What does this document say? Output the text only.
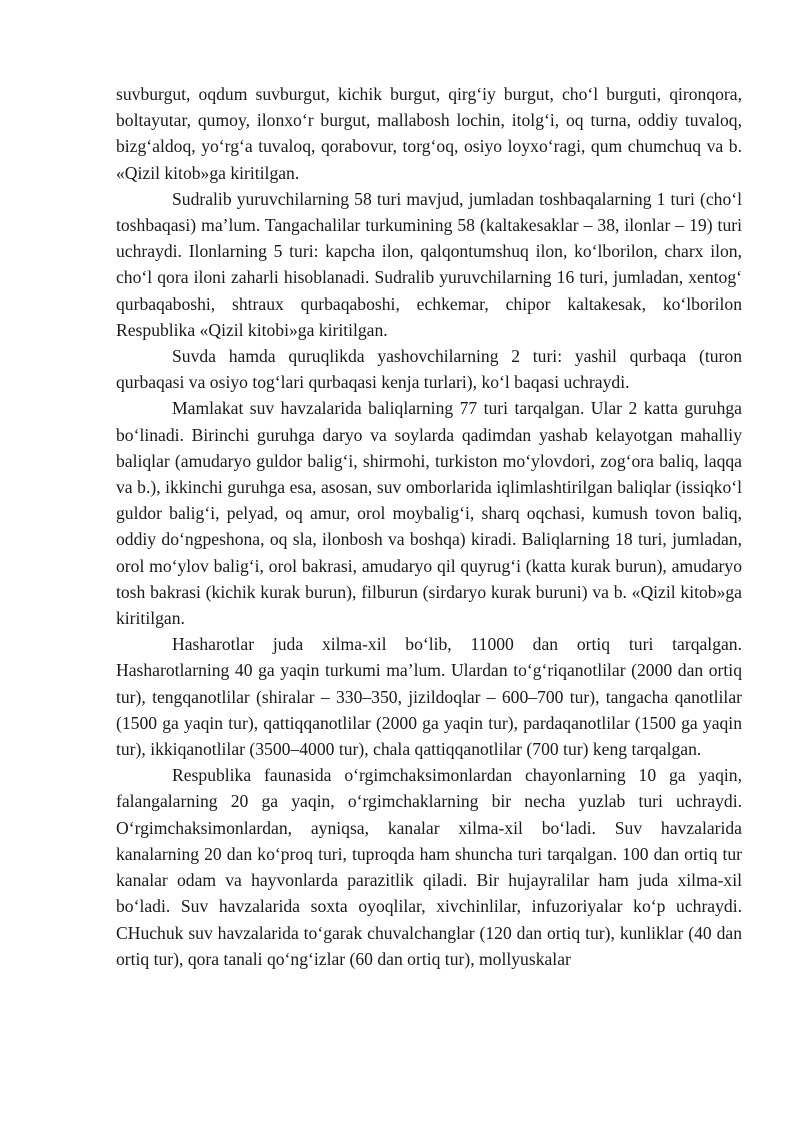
suvburgut, oqdum suvburgut, kichik burgut, qirg‘iy burgut, cho‘l burguti, qironqora, boltayutar, qumoy, ilonxo‘r burgut, mallabosh lochin, itolg‘i, oq turna, oddiy tuvaloq, bizg‘aldoq, yo‘rg‘a tuvaloq, qorabovur, torg‘oq, osiyo loyxo‘ragi, qum chumchuq va b. «Qizil kitob»ga kiritilgan.

Sudralib yuruvchilarning 58 turi mavjud, jumladan toshbaqalarning 1 turi (cho‘l toshbaqasi) ma’lum. Tangachalilar turkumining 58 (kaltakesaklar – 38, ilonlar – 19) turi uchraydi. Ilonlarning 5 turi: kapcha ilon, qalqontumshuq ilon, ko‘lborilon, charx ilon, cho‘l qora iloni zaharli hisoblanadi. Sudralib yuruvchilarning 16 turi, jumladan, xentog‘ qurbaqaboshi, shtraux qurbaqaboshi, echkemar, chipor kaltakesak, ko‘lborilon Respublika «Qizil kitobi»ga kiritilgan.

Suvda hamda quruqlikda yashovchilarning 2 turi: yashil qurbaqa (turon qurbaqasi va osiyo tog‘lari qurbaqasi kenja turlari), ko‘l baqasi uchraydi.

Mamlakat suv havzalarida baliqlarning 77 turi tarqalgan. Ular 2 katta guruhga bo‘linadi. Birinchi guruhga daryo va soylarda qadimdan yashab kelayotgan mahalliy baliqlar (amudaryo guldor balig‘i, shirmohi, turkiston mo‘ylovdori, zog‘ora baliq, laqqa va b.), ikkinchi guruhga esa, asosan, suv omborlarida iqlimlashtirilgan baliqlar (issiqko‘l guldor balig‘i, pelyad, oq amur, orol moybalig‘i, sharq oqchasi, kumush tovon baliq, oddiy do‘ngpeshona, oq sla, ilonbosh va boshqa) kiradi. Baliqlarning 18 turi, jumladan, orol mo‘ylov balig‘i, orol bakrasi, amudaryo qil quyrug‘i (katta kurak burun), amudaryo tosh bakrasi (kichik kurak burun), filburun (sirdaryo kurak buruni) va b. «Qizil kitob»ga kiritilgan.

Hasharotlar juda xilma-xil bo‘lib, 11000 dan ortiq turi tarqalgan. Hasharotlarning 40 ga yaqin turkumi ma’lum. Ulardan to‘g‘riqanotlilar (2000 dan ortiq tur), tengqanotlilar (shiralar – 330–350, jizildoqlar – 600–700 tur), tangacha qanotlilar (1500 ga yaqin tur), qattiqqanotlilar (2000 ga yaqin tur), pardaqanotlilar (1500 ga yaqin tur), ikkiqanotlilar (3500–4000 tur), chala qattiqqanotlilar (700 tur) keng tarqalgan.

Respublika faunasida o‘rgimchaksimonlardan chayonlarning 10 ga yaqin, falangalarning 20 ga yaqin, o‘rgimchaklarning bir necha yuzlab turi uchraydi. O‘rgimchaksimonlardan, ayniqsa, kanalar xilma-xil bo‘ladi. Suv havzalarida kanalarning 20 dan ko‘proq turi, tuproqda ham shuncha turi tarqalgan. 100 dan ortiq tur kanalar odam va hayvonlarda parazitlik qiladi. Bir hujayralilar ham juda xilma-xil bo‘ladi. Suv havzalarida soxta oyoqlilar, xivchinlilar, infuzoriyalar ko‘p uchraydi. CHuchuk suv havzalarida to‘garak chuvalchanglar (120 dan ortiq tur), kunliklar (40 dan ortiq tur), qora tanali qo‘ng‘izlar (60 dan ortiq tur), mollyuskalar
